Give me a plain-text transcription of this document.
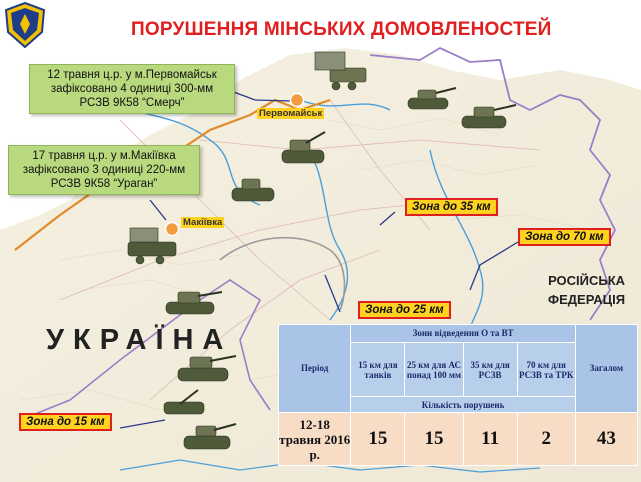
ПОРУШЕННЯ МІНСЬКИХ ДОМОВЛЕНОСТЕЙ
12 травня ц.р. у м.Первомайськ
зафіксовано 4 одиниці 300-мм
РСЗВ 9К58 “Смерч”
17 травня ц.р. у м.Макіївка
зафіксовано 3 одиниці 220-мм
РСЗВ 9К58 “Ураган”
Первомайськ
Макіївка
Зона до 35 км
Зона до 70 км
Зона до 25 км
Зона до 15 км
УКРАЇНА
РОСІЙСЬКА
ФЕДЕРАЦІЯ
Період	Зони відведення О та ВТ				Загалом
	15 км для танків	25 км для АС понад 100 мм	35 км для РСЗВ	70 км для РСЗВ та ТРК	
	Кількість порушень				
12-18 травня 2016 р.	15	15	11	2	43
